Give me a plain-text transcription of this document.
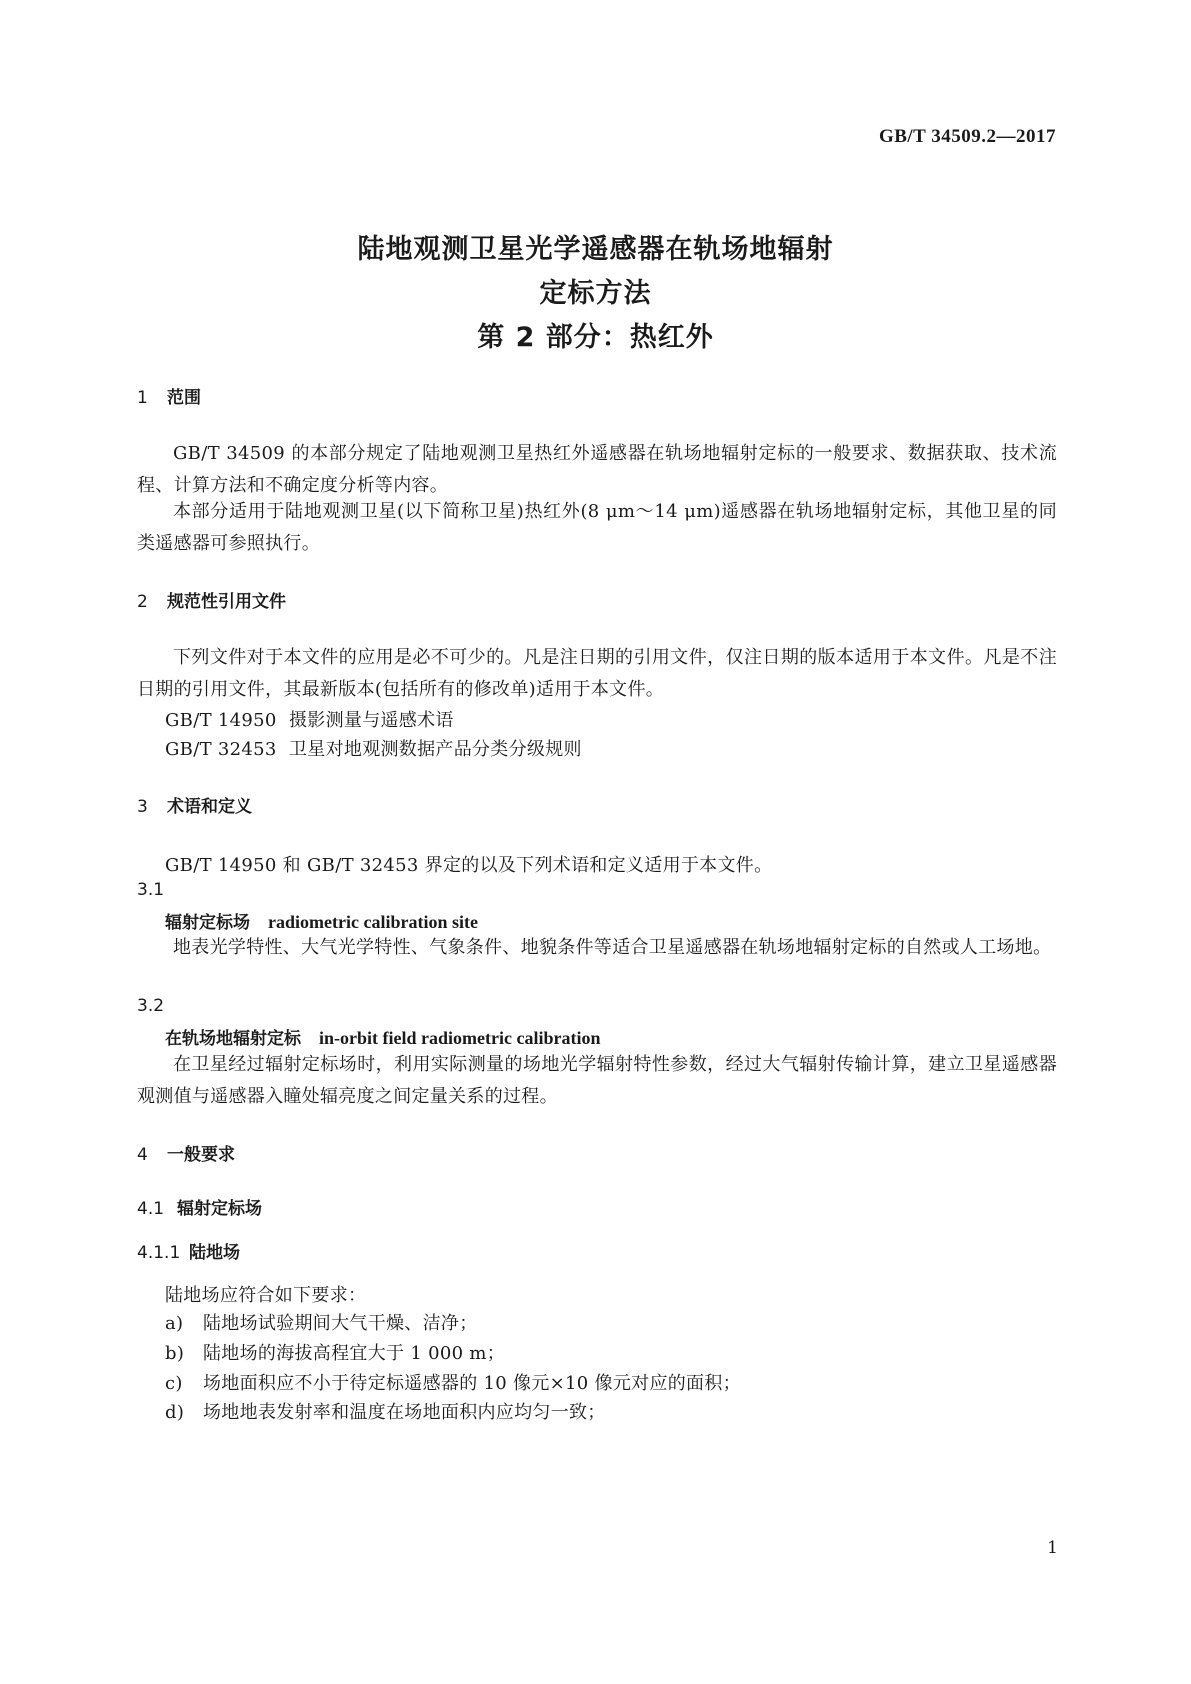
GB/T 34509.2—2017
陆地观测卫星光学遥感器在轨场地辐射
定标方法
第 2 部分：热红外
1 范围
GB/T 34509 的本部分规定了陆地观测卫星热红外遥感器在轨场地辐射定标的一般要求、数据获取、技术流程、计算方法和不确定度分析等内容。
本部分适用于陆地观测卫星(以下简称卫星)热红外(8 μm～14 μm)遥感器在轨场地辐射定标，其他卫星的同类遥感器可参照执行。
2 规范性引用文件
下列文件对于本文件的应用是必不可少的。凡是注日期的引用文件，仅注日期的版本适用于本文件。凡是不注日期的引用文件，其最新版本(包括所有的修改单)适用于本文件。
GB/T 14950 摄影测量与遥感术语
GB/T 32453 卫星对地观测数据产品分类分级规则
3 术语和定义
GB/T 14950 和 GB/T 32453 界定的以及下列术语和定义适用于本文件。
3.1
辐射定标场 radiometric calibration site
地表光学特性、大气光学特性、气象条件、地貌条件等适合卫星遥感器在轨场地辐射定标的自然或人工场地。
3.2
在轨场地辐射定标 in-orbit field radiometric calibration
在卫星经过辐射定标场时，利用实际测量的场地光学辐射特性参数，经过大气辐射传输计算，建立卫星遥感器观测值与遥感器入瞳处辐亮度之间定量关系的过程。
4 一般要求
4.1 辐射定标场
4.1.1 陆地场
陆地场应符合如下要求：
a) 陆地场试验期间大气干燥、洁净；
b) 陆地场的海拔高程宜大于 1 000 m；
c) 场地面积应不小于待定标遥感器的 10 像元×10 像元对应的面积；
d) 场地地表发射率和温度在场地面积内应均匀一致；
1
